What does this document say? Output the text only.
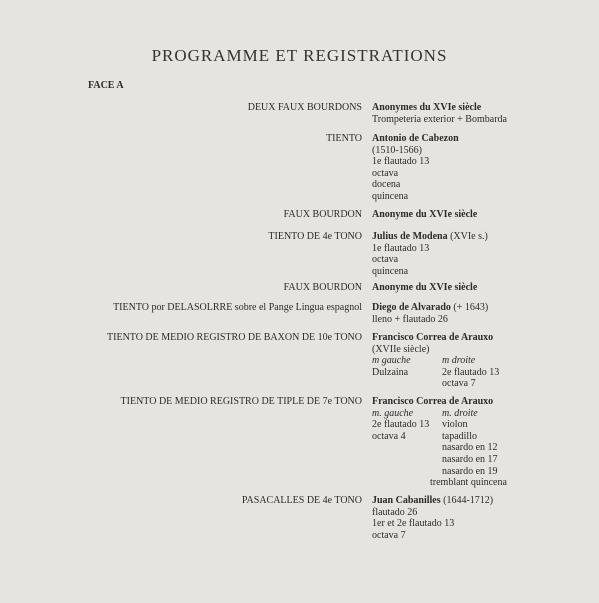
PROGRAMME ET REGISTRATIONS
FACE A
DEUX FAUX BOURDONS Anonymes du XVIe siècle
Trompeteria exterior + Bombarda
TIENTO Antonio de Cabezon
(1510-1566)
1e flautado 13
octava
docena
quincena
FAUX BOURDON Anonyme du XVIe siècle
TIENTO DE 4e TONO Julius de Modena (XVIe s.)
1e flautado 13
octava
quincena
FAUX BOURDON Anonyme du XVIe siècle
TIENTO por DELASOLRRE sobre el Pange Lingua espagnol Diego de Alvarado (+ 1643)
lleno + flautado 26
TIENTO DE MEDIO REGISTRO DE BAXON DE 10e TONO Francisco Correa de Arauxo
(XVIIe siècle)
m gauche
Dulzaina
m droite
2e flautado 13
octava 7
TIENTO DE MEDIO REGISTRO DE TIPLE DE 7e TONO Francisco Correa de Arauxo
m. gauche
2e flautado 13
octava 4
m. droite
violon
tapadillo
nasardo en 12
nasardo en 17
nasardo en 19
tremblant quincena
PASACALLES DE 4e TONO Juan Cabanilles (1644-1712)
flautado 26
1er et 2e flautado 13
octava 7
